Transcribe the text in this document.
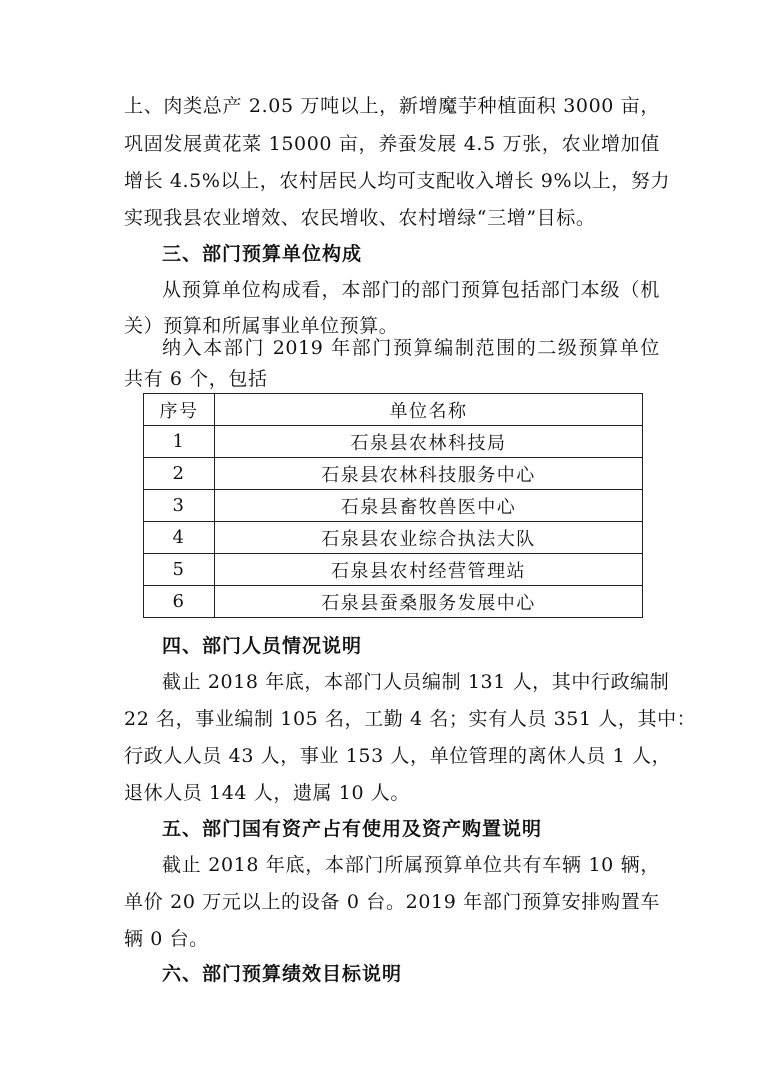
上、肉类总产 2.05 万吨以上，新增魔芋种植面积 3000 亩，
巩固发展黄花菜 15000 亩，养蚕发展 4.5 万张，农业增加值
增长 4.5%以上，农村居民人均可支配收入增长 9%以上，努力
实现我县农业增效、农民增收、农村增绿“三增”目标。
三、部门预算单位构成
从预算单位构成看，本部门的部门预算包括部门本级（机
关）预算和所属事业单位预算。
纳入本部门 2019 年部门预算编制范围的二级预算单位
共有 6 个，包括
序号	单位名称
1	石泉县农林科技局
2	石泉县农林科技服务中心
3	石泉县畜牧兽医中心
4	石泉县农业综合执法大队
5	石泉县农村经营管理站
6	石泉县蚕桑服务发展中心
四、部门人员情况说明
截止 2018 年底，本部门人员编制 131 人，其中行政编制
22 名，事业编制 105 名，工勤 4 名；实有人员 351 人，其中：
行政人人员 43 人，事业 153 人，单位管理的离休人员 1 人，
退休人员 144 人，遗属 10 人。
五、部门国有资产占有使用及资产购置说明
截止 2018 年底，本部门所属预算单位共有车辆 10 辆，
单价 20 万元以上的设备 0 台。2019 年部门预算安排购置车
辆 0 台。
六、部门预算绩效目标说明
